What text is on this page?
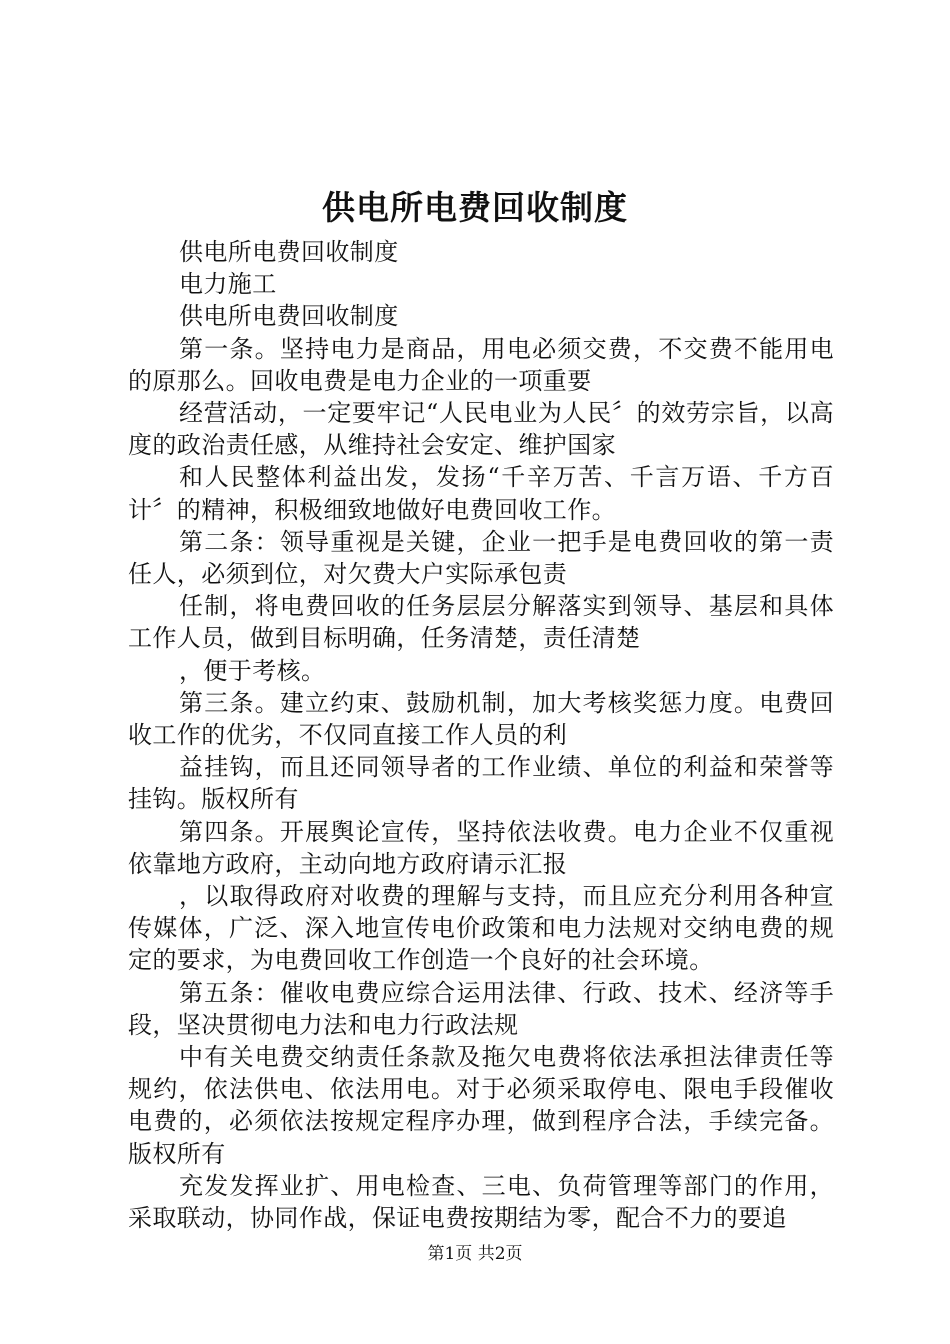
供电所电费回收制度

供电所电费回收制度

电力施工

供电所电费回收制度

第一条。坚持电力是商品，用电必须交费，不交费不能用电的原那么。回收电费是电力企业的一项重要

经营活动，一定要牢记“人民电业为人民〞的效劳宗旨，以高度的政治责任感，从维持社会安定、维护国家

和人民整体利益出发，发扬“千辛万苦、千言万语、千方百计〞的精神，积极细致地做好电费回收工作。

第二条：领导重视是关键，企业一把手是电费回收的第一责任人，必须到位，对欠费大户实际承包责

任制，将电费回收的任务层层分解落实到领导、基层和具体工作人员，做到目标明确，任务清楚，责任清楚

，便于考核。

第三条。建立约束、鼓励机制，加大考核奖惩力度。电费回收工作的优劣，不仅同直接工作人员的利

益挂钩，而且还同领导者的工作业绩、单位的利益和荣誉等挂钩。版权所有

第四条。开展舆论宣传，坚持依法收费。电力企业不仅重视依靠地方政府，主动向地方政府请示汇报

，以取得政府对收费的理解与支持，而且应充分利用各种宣传媒体，广泛、深入地宣传电价政策和电力法规对交纳电费的规定的要求，为电费回收工作创造一个良好的社会环境。

第五条：催收电费应综合运用法律、行政、技术、经济等手段，坚决贯彻电力法和电力行政法规

中有关电费交纳责任条款及拖欠电费将依法承担法律责任等规约，依法供电、依法用电。对于必须采取停电、限电手段催收电费的，必须依法按规定程序办理，做到程序合法，手续完备。版权所有

充发发挥业扩、用电检查、三电、负荷管理等部门的作用，采取联动，协同作战，保证电费按期结为零，配合不力的要追

第1页 共2页
